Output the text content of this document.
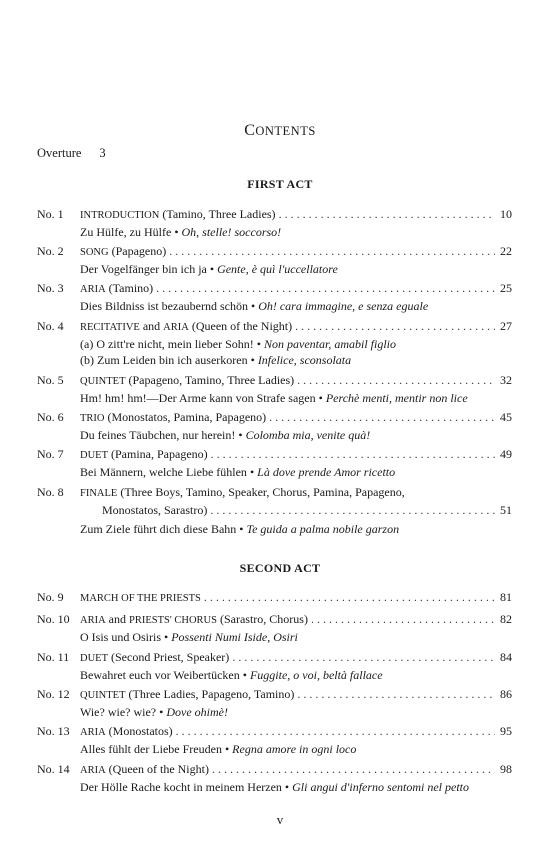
CONTENTS
Overture 3
FIRST ACT
No. 1	INTRODUCTION (Tamino, Three Ladies) . . .	10
Zu Hülfe, zu Hülfe • Oh, stelle! soccorso!
No. 2	SONG (Papageno) . . .	22
Der Vogelfänger bin ich ja • Gente, è quì l'uccellatore
No. 3	ARIA (Tamino) . . .	25
Dies Bildniss ist bezaubernd schön • Oh! cara immagine, e senza eguale
No. 4	RECITATIVE and ARIA (Queen of the Night) . . .	27
(a) O zitt're nicht, mein lieber Sohn! • Non paventar, amabil figlio
(b) Zum Leiden bin ich auserkoren • Infelice, sconsolata
No. 5	QUINTET (Papageno, Tamino, Three Ladies) . . .	32
Hm! hm! hm!—Der Arme kann von Strafe sagen • Perchè menti, mentir non lice
No. 6	TRIO (Monostatos, Pamina, Papageno) . . .	45
Du feines Täubchen, nur herein! • Colomba mia, venite quà!
No. 7	DUET (Pamina, Papageno) . . .	49
Bei Männern, welche Liebe fühlen • Là dove prende Amor ricetto
No. 8	FINALE (Three Boys, Tamino, Speaker, Chorus, Pamina, Papageno,
Monostatos, Sarastro) . . .	51
Zum Ziele führt dich diese Bahn • Te guida a palma nobile garzon
SECOND ACT
No. 9	MARCH OF THE PRIESTS . . .	81
No. 10 ARIA and PRIESTS' CHORUS (Sarastro, Chorus) . . .	82
O Isis und Osiris • Possenti Numi Iside, Osiri
No. 11	DUET (Second Priest, Speaker) . . .	84
Bewahret euch vor Weibertücken • Fuggite, o voi, beltà fallace
No. 12 QUINTET (Three Ladies, Papageno, Tamino) . . .	86
Wie? wie? wie? • Dove ohimè!
No. 13 ARIA (Monostatos) . . .	95
Alles fühlt der Liebe Freuden • Regna amore in ogni loco
No. 14 ARIA (Queen of the Night) . . .	98
Der Hölle Rache kocht in meinem Herzen • Gli angui d'inferno sentomi nel petto
v
